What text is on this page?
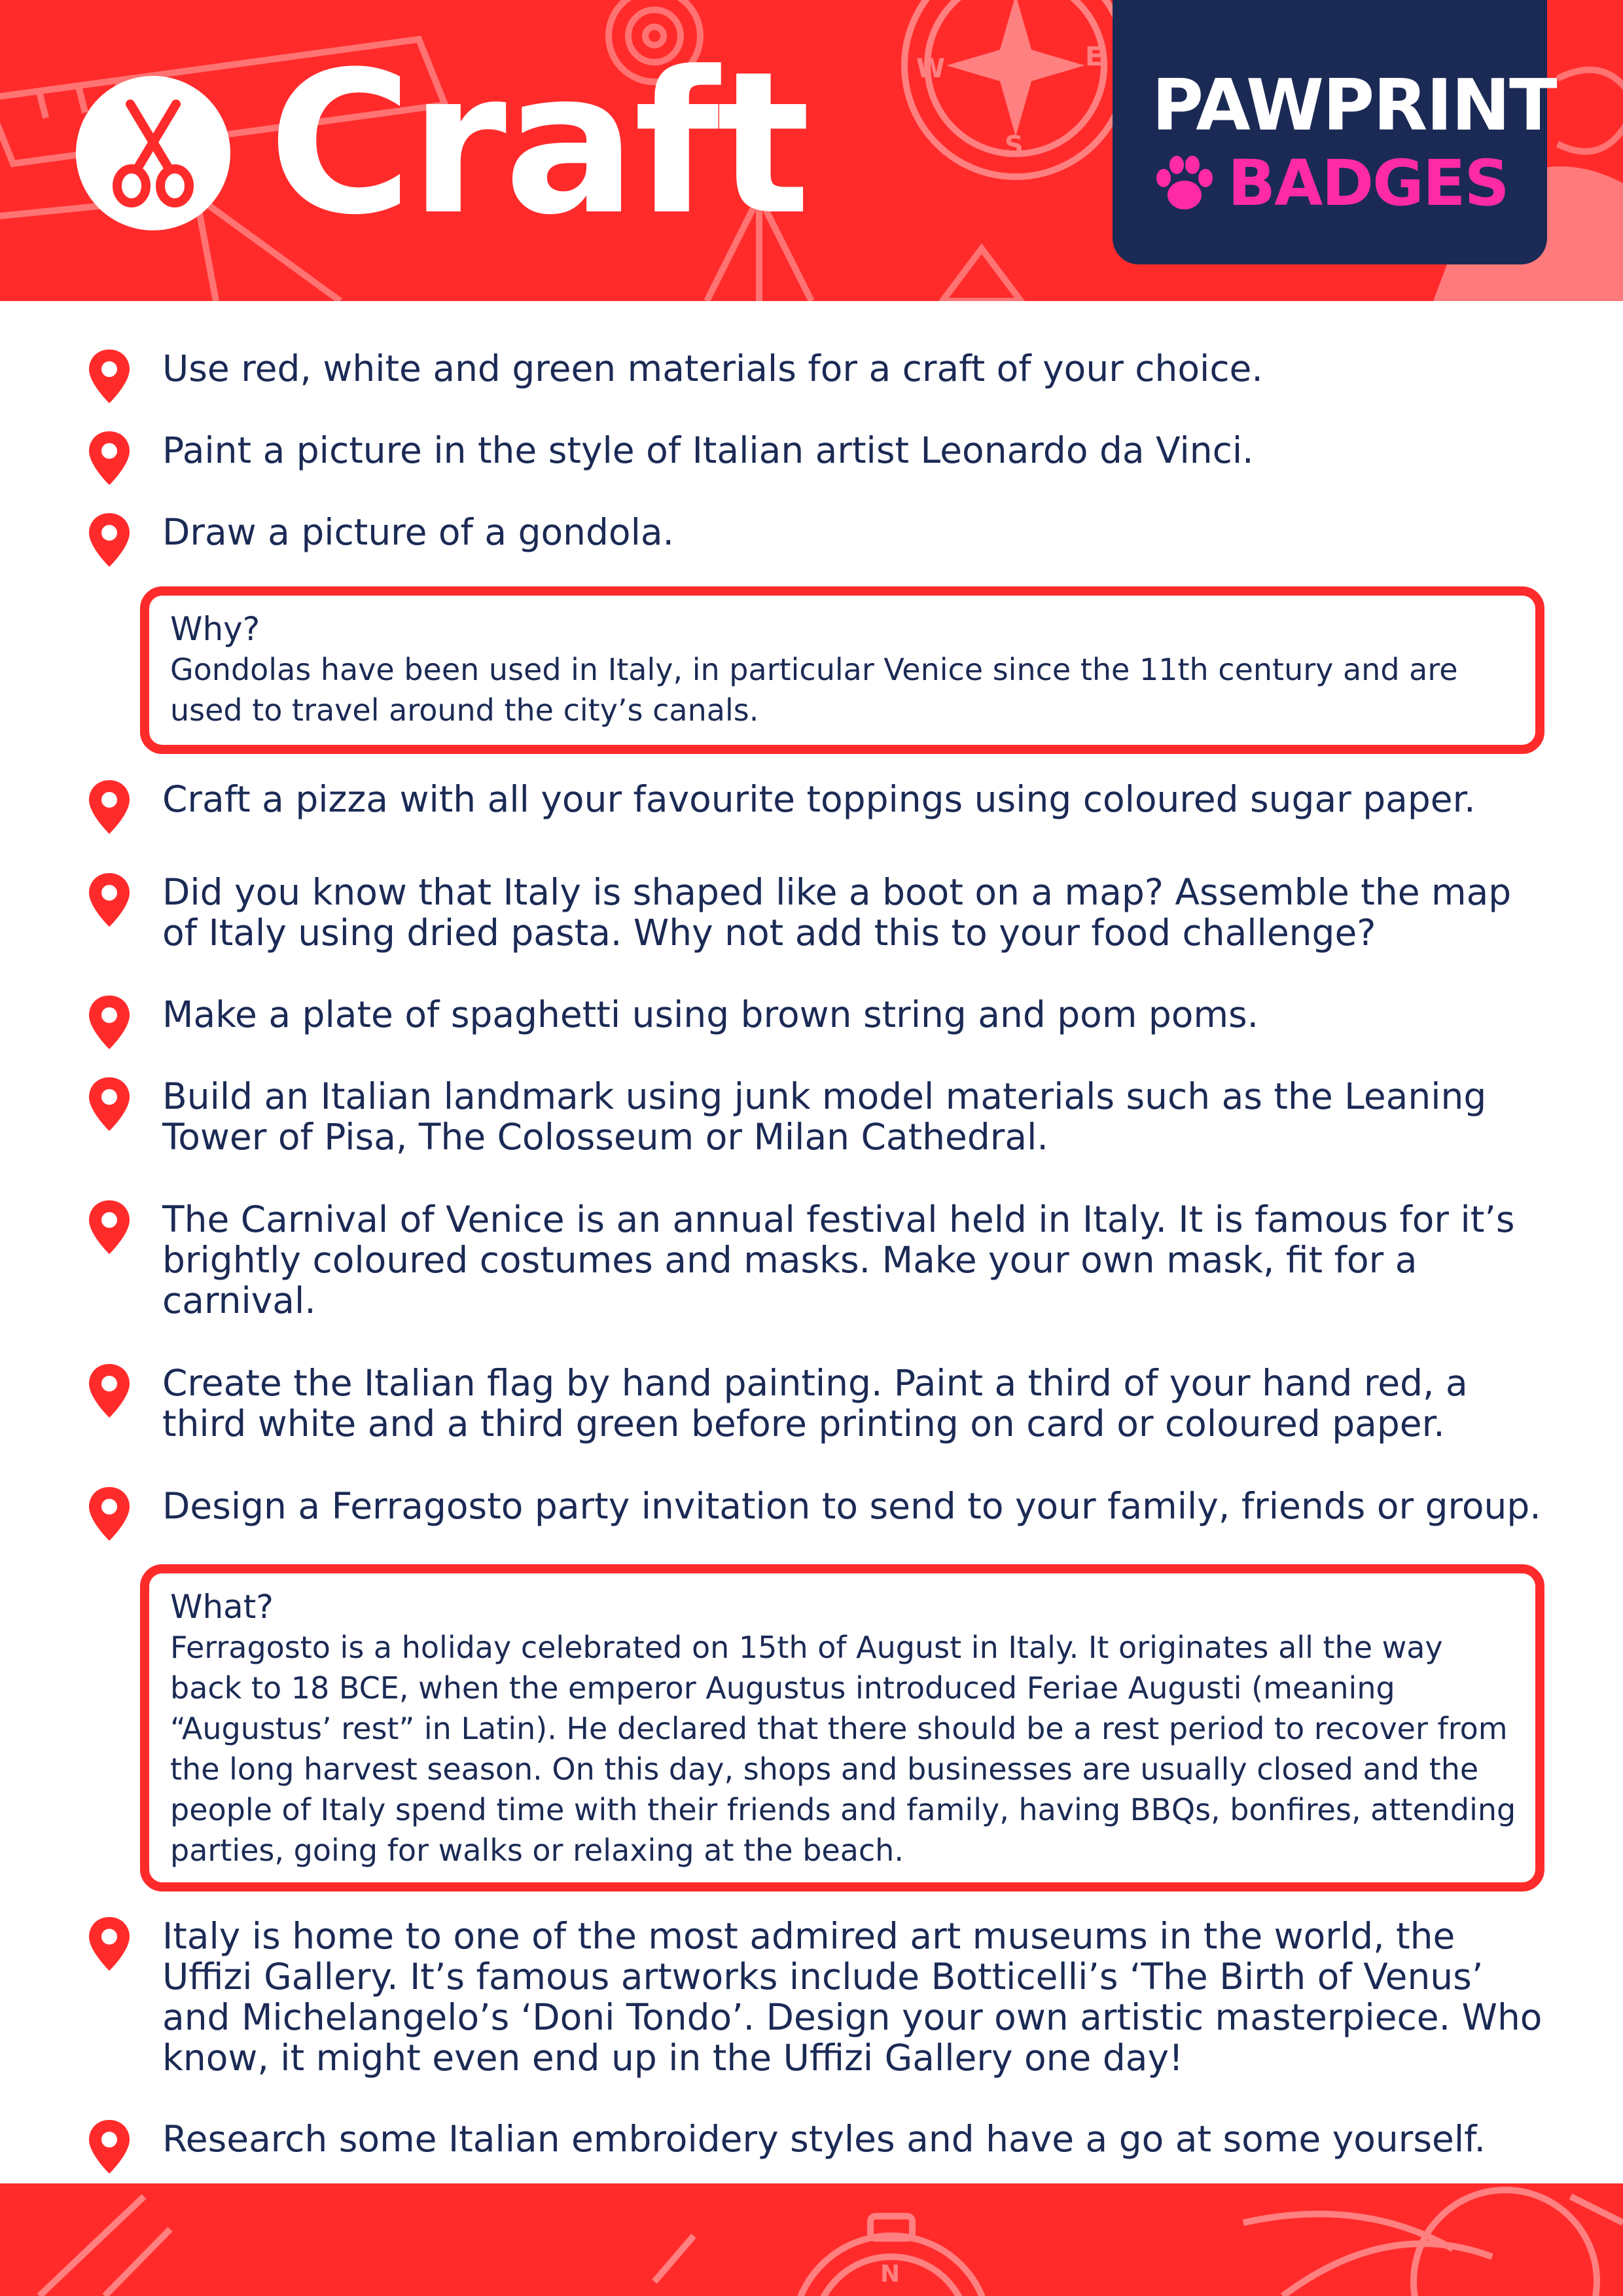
E
S
W
Craft	PAWPRINT
BADGES
Use red, white and green materials for a craft of your choice.
Paint a picture in the style of Italian artist Leonardo da Vinci.
Draw a picture of a gondola.
Why?
Gondolas have been used in Italy, in particular Venice since the 11th century and are used to travel around the city’s canals.
Craft a pizza with all your favourite toppings using coloured sugar paper.
Did you know that Italy is shaped like a boot on a map? Assemble the map of Italy using dried pasta. Why not add this to your food challenge?
Make a plate of spaghetti using brown string and pom poms.
Build an Italian landmark using junk model materials such as the Leaning Tower of Pisa, The Colosseum or Milan Cathedral.
The Carnival of Venice is an annual festival held in Italy. It is famous for it’s brightly coloured costumes and masks. Make your own mask, fit for a carnival.
Create the Italian flag by hand painting. Paint a third of your hand red, a third white and a third green before printing on card or coloured paper.
Design a Ferragosto party invitation to send to your family, friends or group.
What?
Ferragosto is a holiday celebrated on 15th of August in Italy. It originates all the way back to 18 BCE, when the emperor Augustus introduced Feriae Augusti (meaning “Augustus’ rest” in Latin). He declared that there should be a rest period to recover from the long harvest season. On this day, shops and businesses are usually closed and the people of Italy spend time with their friends and family, having BBQs, bonfires, attending parties, going for walks or relaxing at the beach.
Italy is home to one of the most admired art museums in the world, the Uffizi Gallery. It’s famous artworks include Botticelli’s ‘The Birth of Venus’ and Michelangelo’s ‘Doni Tondo’. Design your own artistic masterpiece. Who know, it might even end up in the Uffizi Gallery one day!
Research some Italian embroidery styles and have a go at some yourself.
N
